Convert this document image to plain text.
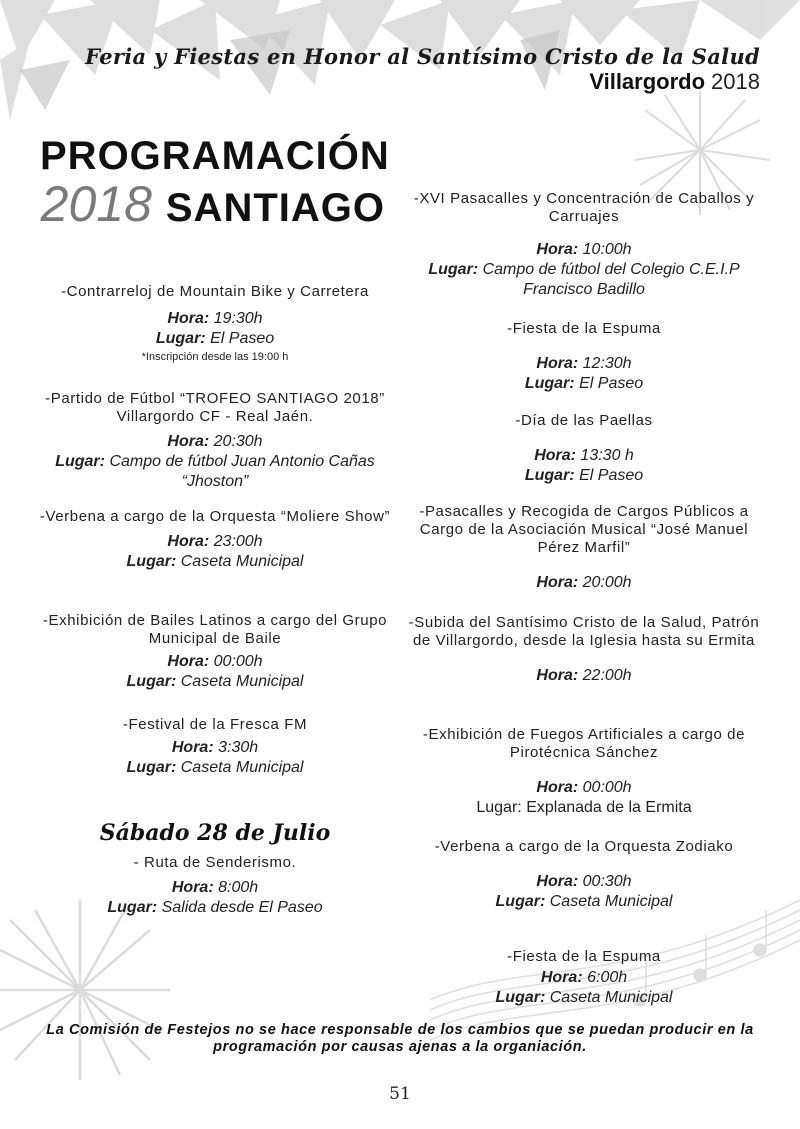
Feria y Fiestas en Honor al Santísimo Cristo de la Salud
Villargordo 2018
PROGRAMACIÓN
2018 SANTIAGO
-Contrarreloj de Mountain Bike y Carretera
Hora: 19:30h
Lugar: El Paseo
*Inscripción desde las 19:00 h
-Partido de Fútbol “TROFEO SANTIAGO 2018” Villargordo CF - Real Jaén.
Hora: 20:30h
Lugar: Campo de fútbol Juan Antonio Cañas “Jhoston”
-Verbena a cargo de la Orquesta “Moliere Show”
Hora: 23:00h
Lugar: Caseta Municipal
-Exhibición de Bailes Latinos a cargo del Grupo Municipal de Baile
Hora: 00:00h
Lugar: Caseta Municipal
-Festival de la Fresca FM
Hora: 3:30h
Lugar: Caseta Municipal
Sábado 28 de Julio
- Ruta de Senderismo.
Hora: 8:00h
Lugar: Salida desde El Paseo
-XVI Pasacalles y Concentración de Caballos y Carruajes
Hora: 10:00h
Lugar: Campo de fútbol del Colegio C.E.I.P Francisco Badillo
-Fiesta de la Espuma
Hora: 12:30h
Lugar: El Paseo
-Día de las Paellas
Hora: 13:30 h
Lugar: El Paseo
-Pasacalles y Recogida de Cargos Públicos a Cargo de la Asociación Musical “José Manuel Pérez Marfil”
Hora: 20:00h
-Subida del Santísimo Cristo de la Salud, Patrón de Villargordo, desde la Iglesia hasta su Ermita
Hora: 22:00h
-Exhibición de Fuegos Artificiales a cargo de Pirotécnica Sánchez
Hora: 00:00h
Lugar: Explanada de la Ermita
-Verbena a cargo de la Orquesta Zodiako
Hora: 00:30h
Lugar: Caseta Municipal
-Fiesta de la Espuma
Hora: 6:00h
Lugar: Caseta Municipal
La Comisión de Festejos no se hace responsable de los cambios que se puedan producir en la programación por causas ajenas a la organiación.
51
